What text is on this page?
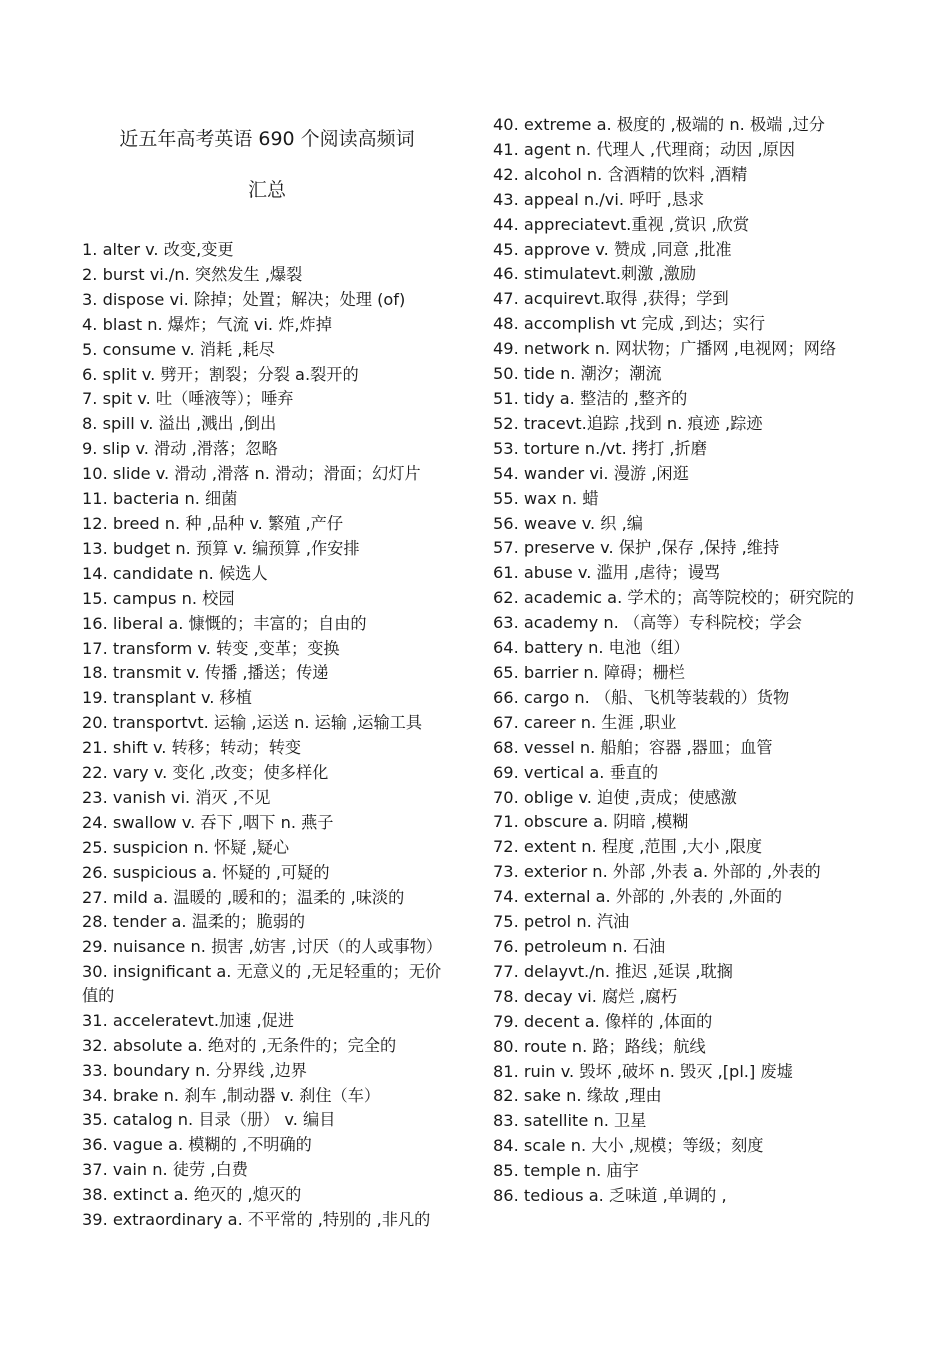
近五年高考英语 690 个阅读高频词
汇总
1. alter v. 改变,变更
2. burst vi./n. 突然发生 ,爆裂
3. dispose vi. 除掉；处置；解决；处理 (of)
4. blast n. 爆炸；气流 vi. 炸,炸掉
5. consume v. 消耗 ,耗尽
6. split v. 劈开；割裂；分裂 a.裂开的
7. spit v. 吐（唾液等）；唾弃
8. spill v. 溢出 ,溅出 ,倒出
9. slip v. 滑动 ,滑落；忽略
10. slide v. 滑动 ,滑落 n. 滑动；滑面；幻灯片
11. bacteria n. 细菌
12. breed n. 种 ,品种 v. 繁殖 ,产仔
13. budget n. 预算 v. 编预算 ,作安排
14. candidate n. 候选人
15. campus n. 校园
16. liberal a. 慷慨的；丰富的；自由的
17. transform v. 转变 ,变革；变换
18. transmit v. 传播 ,播送；传递
19. transplant v. 移植
20. transportvt. 运输 ,运送 n. 运输 ,运输工具
21. shift v. 转移；转动；转变
22. vary v. 变化 ,改变；使多样化
23. vanish vi. 消灭 ,不见
24. swallow v. 吞下 ,咽下 n. 燕子
25. suspicion n. 怀疑 ,疑心
26. suspicious a. 怀疑的 ,可疑的
27. mild a. 温暖的 ,暖和的；温柔的 ,味淡的
28. tender a. 温柔的；脆弱的
29. nuisance n. 损害 ,妨害 ,讨厌（的人或事物）
30. insignificant a. 无意义的 ,无足轻重的；无价值的
31. acceleratevt.加速 ,促进
32. absolute a. 绝对的 ,无条件的；完全的
33. boundary n. 分界线 ,边界
34. brake n. 刹车 ,制动器 v. 刹住（车）
35. catalog n. 目录（册） v. 编目
36. vague a. 模糊的 ,不明确的
37. vain n. 徒劳 ,白费
38. extinct a. 绝灭的 ,熄灭的
39. extraordinary a. 不平常的 ,特别的 ,非凡的
40. extreme a. 极度的 ,极端的 n. 极端 ,过分
41. agent n. 代理人 ,代理商；动因 ,原因
42. alcohol n. 含酒精的饮料 ,酒精
43. appeal n./vi. 呼吁 ,恳求
44. appreciatevt.重视 ,赏识 ,欣赏
45. approve v. 赞成 ,同意 ,批准
46. stimulatevt.刺激 ,激励
47. acquirevt.取得 ,获得；学到
48. accomplish vt 完成 ,到达；实行
49. network n. 网状物；广播网 ,电视网；网络
50. tide n. 潮汐；潮流
51. tidy a. 整洁的 ,整齐的
52. tracevt.追踪 ,找到 n. 痕迹 ,踪迹
53. torture n./vt. 拷打 ,折磨
54. wander vi. 漫游 ,闲逛
55. wax n. 蜡
56. weave v. 织 ,编
57. preserve v. 保护 ,保存 ,保持 ,维持
61. abuse v. 滥用 ,虐待；谩骂
62. academic a. 学术的；高等院校的；研究院的
63. academy n. （高等）专科院校；学会
64. battery n. 电池（组）
65. barrier n. 障碍；栅栏
66. cargo n. （船、飞机等装载的）货物
67. career n. 生涯 ,职业
68. vessel n. 船舶；容器 ,器皿；血管
69. vertical a. 垂直的
70. oblige v. 迫使 ,责成；使感激
71. obscure a. 阴暗 ,模糊
72. extent n. 程度 ,范围 ,大小 ,限度
73. exterior n. 外部 ,外表 a. 外部的 ,外表的
74. external a. 外部的 ,外表的 ,外面的
75. petrol n. 汽油
76. petroleum n. 石油
77. delayvt./n. 推迟 ,延误 ,耽搁
78. decay vi. 腐烂 ,腐朽
79. decent a. 像样的 ,体面的
80. route n. 路；路线；航线
81. ruin v. 毁坏 ,破坏 n. 毁灭 ,[pl.] 废墟
82. sake n. 缘故 ,理由
83. satellite n. 卫星
84. scale n. 大小 ,规模；等级；刻度
85. temple n. 庙宇
86. tedious a. 乏味道 ,单调的 ,
